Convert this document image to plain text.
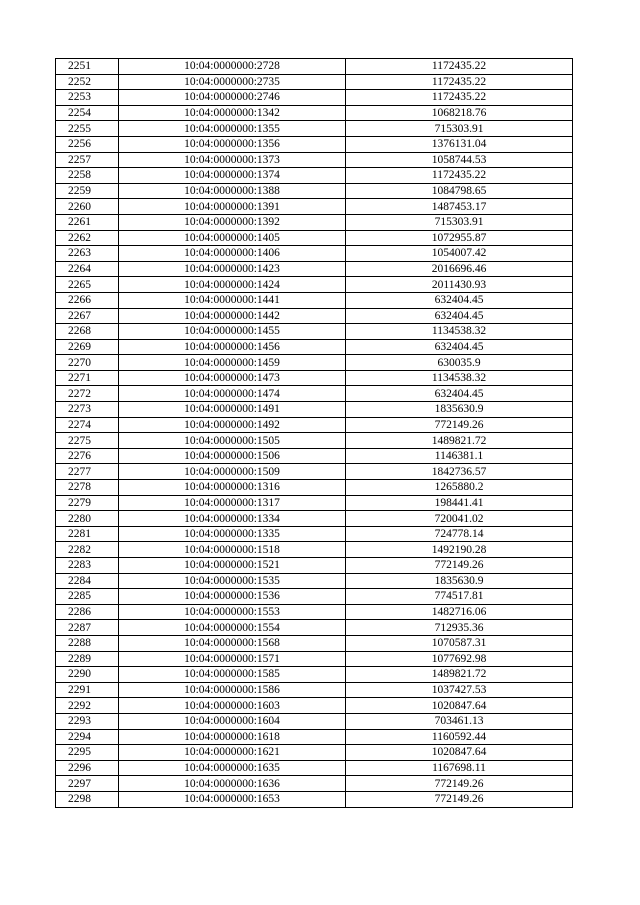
2251	10:04:0000000:2728	1172435.22
2252	10:04:0000000:2735	1172435.22
2253	10:04:0000000:2746	1172435.22
2254	10:04:0000000:1342	1068218.76
2255	10:04:0000000:1355	715303.91
2256	10:04:0000000:1356	1376131.04
2257	10:04:0000000:1373	1058744.53
2258	10:04:0000000:1374	1172435.22
2259	10:04:0000000:1388	1084798.65
2260	10:04:0000000:1391	1487453.17
2261	10:04:0000000:1392	715303.91
2262	10:04:0000000:1405	1072955.87
2263	10:04:0000000:1406	1054007.42
2264	10:04:0000000:1423	2016696.46
2265	10:04:0000000:1424	2011430.93
2266	10:04:0000000:1441	632404.45
2267	10:04:0000000:1442	632404.45
2268	10:04:0000000:1455	1134538.32
2269	10:04:0000000:1456	632404.45
2270	10:04:0000000:1459	630035.9
2271	10:04:0000000:1473	1134538.32
2272	10:04:0000000:1474	632404.45
2273	10:04:0000000:1491	1835630.9
2274	10:04:0000000:1492	772149.26
2275	10:04:0000000:1505	1489821.72
2276	10:04:0000000:1506	1146381.1
2277	10:04:0000000:1509	1842736.57
2278	10:04:0000000:1316	1265880.2
2279	10:04:0000000:1317	198441.41
2280	10:04:0000000:1334	720041.02
2281	10:04:0000000:1335	724778.14
2282	10:04:0000000:1518	1492190.28
2283	10:04:0000000:1521	772149.26
2284	10:04:0000000:1535	1835630.9
2285	10:04:0000000:1536	774517.81
2286	10:04:0000000:1553	1482716.06
2287	10:04:0000000:1554	712935.36
2288	10:04:0000000:1568	1070587.31
2289	10:04:0000000:1571	1077692.98
2290	10:04:0000000:1585	1489821.72
2291	10:04:0000000:1586	1037427.53
2292	10:04:0000000:1603	1020847.64
2293	10:04:0000000:1604	703461.13
2294	10:04:0000000:1618	1160592.44
2295	10:04:0000000:1621	1020847.64
2296	10:04:0000000:1635	1167698.11
2297	10:04:0000000:1636	772149.26
2298	10:04:0000000:1653	772149.26
